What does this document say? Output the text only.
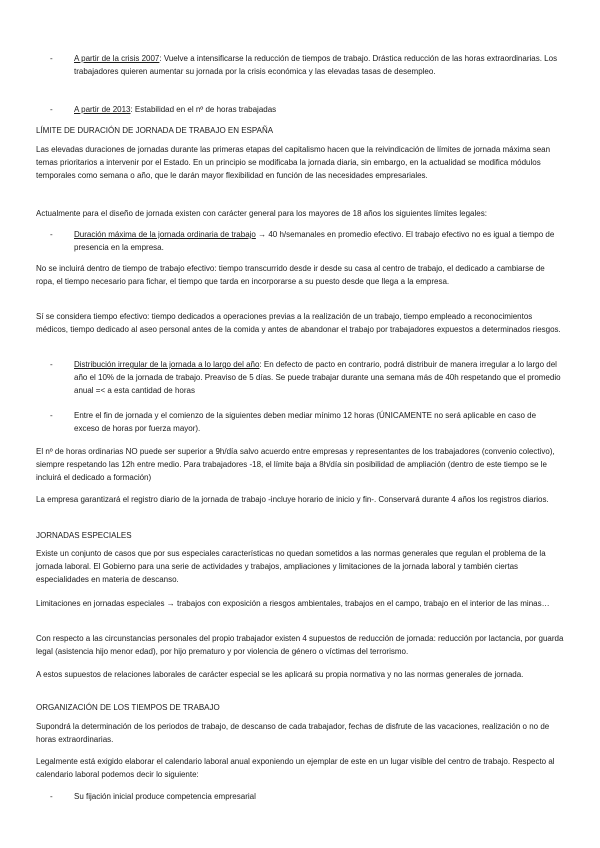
-	A partir de la crisis 2007: Vuelve a intensificarse la reducción de tiempos de trabajo. Drástica reducción de las horas extraordinarias. Los trabajadores quieren aumentar su jornada por la crisis económica y las elevadas tasas de desempleo.

-	A partir de 2013: Estabilidad en el nº de horas trabajadas

LÍMITE DE DURACIÓN DE JORNADA DE TRABAJO EN ESPAÑA

Las elevadas duraciones de jornadas durante las primeras etapas del capitalismo hacen que la reivindicación de límites de jornada máxima sean temas prioritarios a intervenir por el Estado. En un principio se modificaba la jornada diaria, sin embargo, en la actualidad se modifica módulos temporales como semana o año, que le darán mayor flexibilidad en función de las necesidades empresariales.

Actualmente para el diseño de jornada existen con carácter general para los mayores de 18 años los siguientes límites legales:

-	Duración máxima de la jornada ordinaria de trabajo → 40 h/semanales en promedio efectivo. El trabajo efectivo no es igual a tiempo de presencia en la empresa.

No se incluirá dentro de tiempo de trabajo efectivo: tiempo transcurrido desde ir desde su casa al centro de trabajo, el dedicado a cambiarse de ropa, el tiempo necesario para fichar, el tiempo que tarda en incorporarse a su puesto desde que llega a la empresa.

Sí se considera tiempo efectivo: tiempo dedicados a operaciones previas a la realización de un trabajo, tiempo empleado a reconocimientos médicos, tiempo dedicado al aseo personal antes de la comida y antes de abandonar el trabajo por trabajadores expuestos a determinados riesgos.

-	Distribución irregular de la jornada a lo largo del año: En defecto de pacto en contrario, podrá distribuir de manera irregular a lo largo del año el 10% de la jornada de trabajo. Preaviso de 5 días. Se puede trabajar durante una semana más de 40h respetando que el promedio anual =< a esta cantidad de horas

-	Entre el fin de jornada y el comienzo de la siguientes deben mediar mínimo 12 horas (ÚNICAMENTE no será aplicable en caso de exceso de horas por fuerza mayor).

El nº de horas ordinarias NO puede ser superior a 9h/día salvo acuerdo entre empresas y representantes de los trabajadores (convenio colectivo), siempre respetando las 12h entre medio. Para trabajadores -18, el límite baja a 8h/día sin posibilidad de ampliación (dentro de este tiempo se le incluirá el dedicado a formación)

La empresa garantizará el registro diario de la jornada de trabajo -incluye horario de inicio y fin-. Conservará durante 4 años los registros diarios.

JORNADAS ESPECIALES

Existe un conjunto de casos que por sus especiales características no quedan sometidos a las normas generales que regulan el problema de la jornada laboral. El Gobierno para una serie de actividades y trabajos, ampliaciones y limitaciones de la jornada laboral y también ciertas especialidades en materia de descanso.

Limitaciones en jornadas especiales → trabajos con exposición a riesgos ambientales, trabajos en el campo, trabajo en el interior de las minas…

Con respecto a las circunstancias personales del propio trabajador existen 4 supuestos de reducción de jornada: reducción por lactancia, por guarda legal (asistencia hijo menor edad), por hijo prematuro y por violencia de género o víctimas del terrorismo.

A estos supuestos de relaciones laborales de carácter especial se les aplicará su propia normativa y no las normas generales de jornada.

ORGANIZACIÓN DE LOS TIEMPOS DE TRABAJO

Supondrá la determinación de los periodos de trabajo, de descanso de cada trabajador, fechas de disfrute de las vacaciones, realización o no de horas extraordinarias.

Legalmente está exigido elaborar el calendario laboral anual exponiendo un ejemplar de este en un lugar visible del centro de trabajo. Respecto al calendario laboral podemos decir lo siguiente:

-	Su fijación inicial produce competencia empresarial
